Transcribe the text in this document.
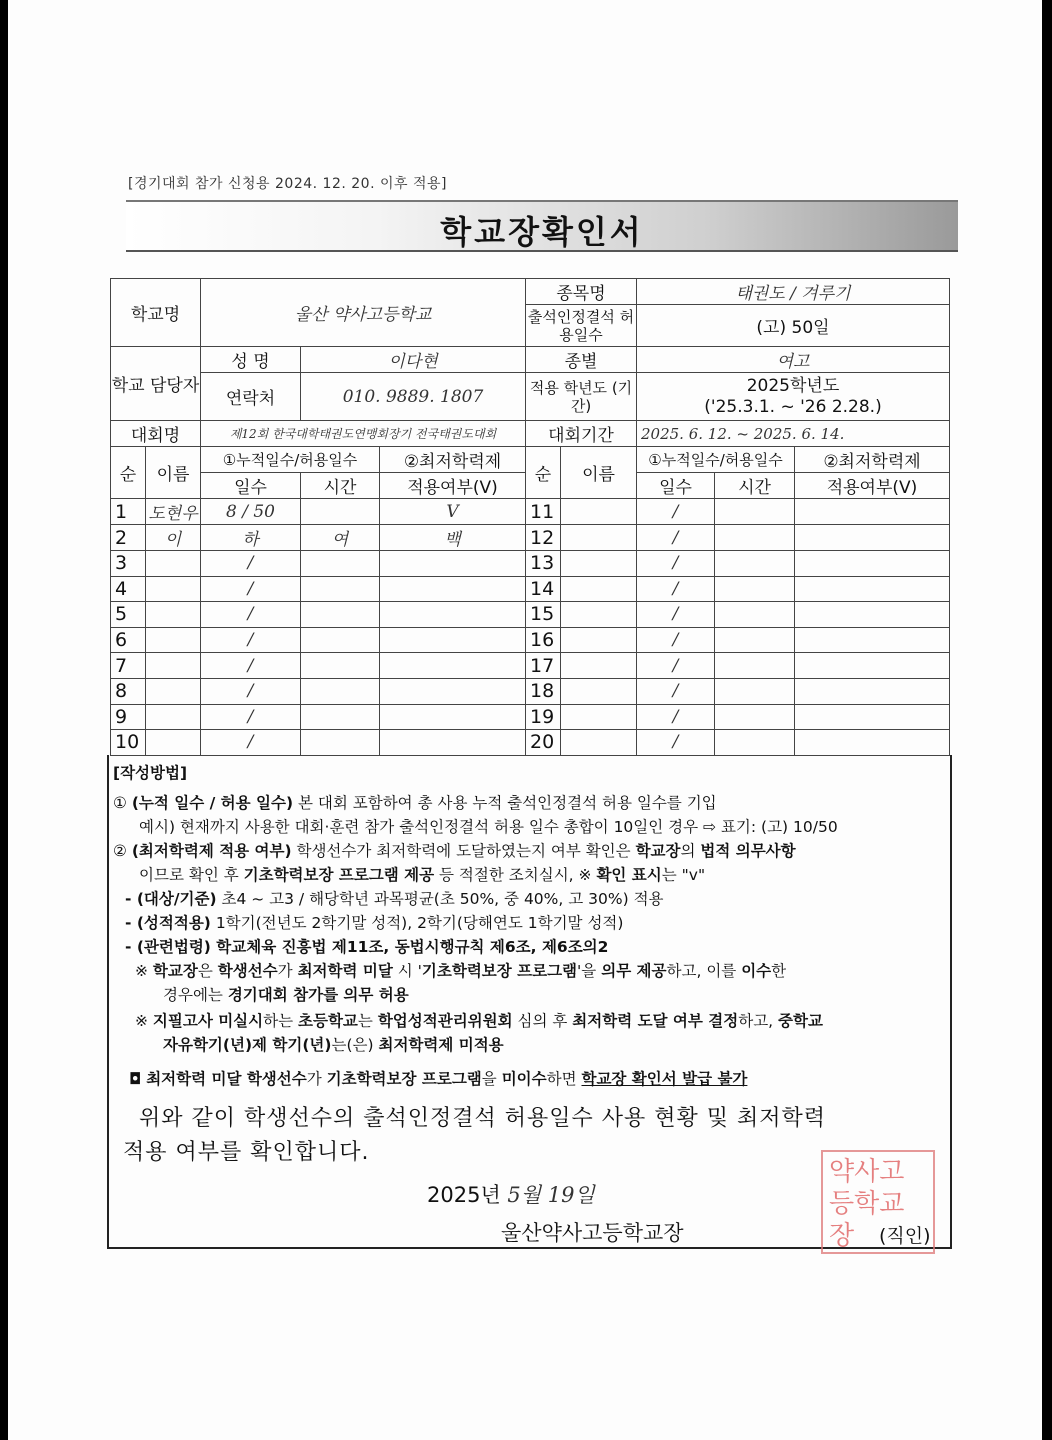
[경기대회 참가 신청용 2024. 12. 20. 이후 적용]
학교장확인서
학교명		울산 약사고등학교			종목명		태권도 / 겨루기		
					출석인정결석 허용일수		(고) 50일		
학교 담당자		성 명	이다현		종별		여고		
		연락처	010. 9889. 1807		적용 학년도 (기간)		2025학년도
('25.3.1. ~ '26 2.28.)		

대회명		제12회 한국대학태권도연맹회장기 전국태권도대회			대회기간		2025. 6. 12. ~ 2025. 6. 14.		
순	이름	①누적일수/허용일수		②최저학력제	순	이름	①누적일수/허용일수		②최저학력제
		일수	시간	적용여부(V)			일수	시간	적용여부(V)
1	도현우	8 / 50		V	11		/		
2	이	하	여	백	12		/		
3		/			13		/		
4		/			14		/		
5		/			15		/		
6		/			16		/		
7		/			17		/		
8		/			18		/		
9		/			19		/		
10		/			20		/		
[작성방법]
① (누적 일수 / 허용 일수) 본 대회 포함하여 총 사용 누적 출석인정결석 허용 일수를 기입
예시) 현재까지 사용한 대회·훈련 참가 출석인정결석 허용 일수 총합이 10일인 경우 ⇨ 표기: (고) 10/50
② (최저학력제 적용 여부) 학생선수가 최저학력에 도달하였는지 여부 확인은 학교장의 법적 의무사항
이므로 확인 후 기초학력보장 프로그램 제공 등 적절한 조치실시, ※ 확인 표시는 "v"
- (대상/기준) 초4 ~ 고3 / 해당학년 과목평균(초 50%, 중 40%, 고 30%) 적용
- (성적적용) 1학기(전년도 2학기말 성적), 2학기(당해연도 1학기말 성적)
- (관련법령) 학교체육 진흥법 제11조, 동법시행규칙 제6조, 제6조의2
※ 학교장은 학생선수가 최저학력 미달 시 '기초학력보장 프로그램'을 의무 제공하고, 이를 이수한
경우에는 경기대회 참가를 의무 허용
※ 지필고사 미실시하는 초등학교는 학업성적관리위원회 심의 후 최저학력 도달 여부 결정하고, 중학교
자유학기(년)제 학기(년)는(은) 최저학력제 미적용
◘ 최저학력 미달 학생선수가 기초학력보장 프로그램을 미이수하면 학교장 확인서 발급 불가
위와 같이 학생선수의 출석인정결석 허용일수 사용 현황 및 최저학력
적용 여부를 확인합니다.
2025년 5월 19일
울산약사고등학교장
약사고등학교장	(직인)
